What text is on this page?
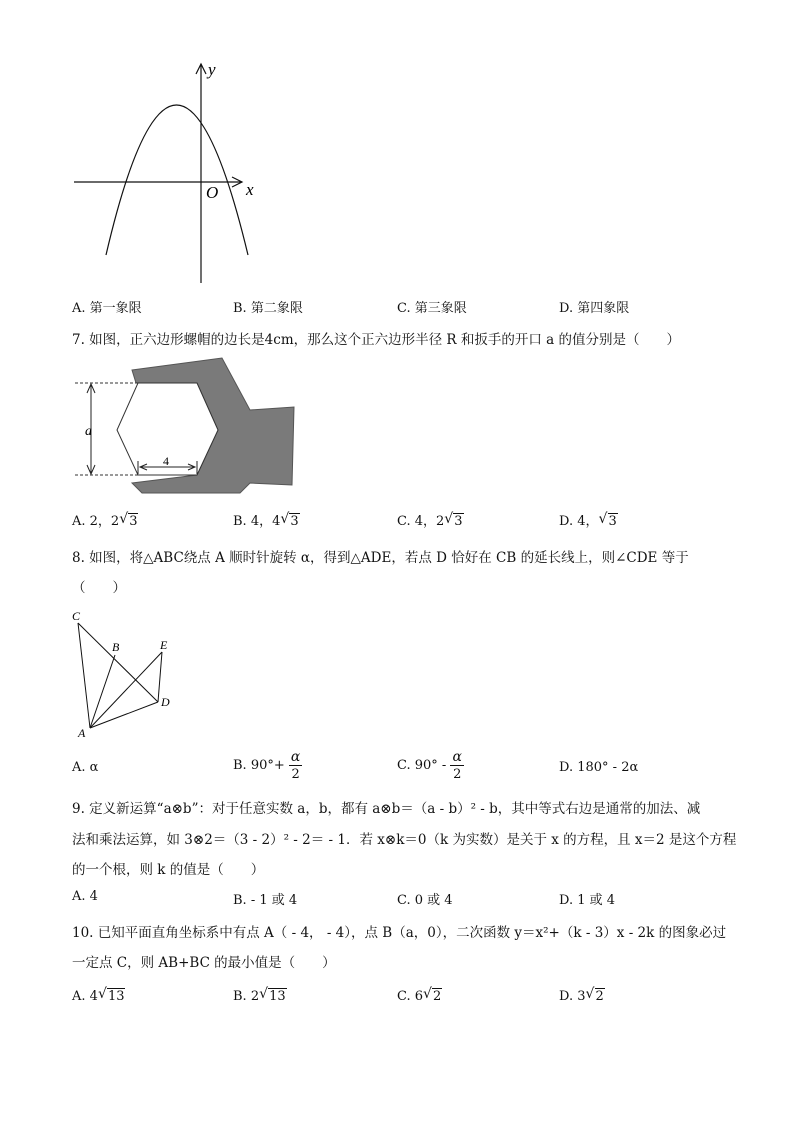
y
x
O
A. 第一象限	B. 第二象限	C. 第三象限	D. 第四象限
7. 如图，正六边形螺帽的边长是4cm，那么这个正六边形半径 R 和扳手的开口 a 的值分别是（　　）
a
4
A. 2，2 √ 3	B. 4，4 √ 3	C. 4，2 √ 3	D. 4， √ 3
8. 如图，将△ABC绕点 A 顺时针旋转 α，得到△ADE，若点 D 恰好在 CB 的延长线上，则∠CDE 等于
（　　）
C
B	E
D
A
A. α	B. $90^\circ+ \frac{\alpha}{2}$	C. $90^\circ - \frac{\alpha}{2}$	D. 180° - 2α
9. 定义新运算“a⊗b”：对于任意实数 a，b，都有 a⊗b＝（a - b）² - b，其中等式右边是通常的加法、减
法和乘法运算，如 3⊗2＝（3 - 2）² - 2＝ - 1．若 x⊗k＝0（k 为实数）是关于 x 的方程，且 x＝2 是这个方程
的一个根，则 k 的值是（　　）
A. 4	B. - 1 或 4	C. 0 或 4	D. 1 或 4
10. 已知平面直角坐标系中有点 A（ - 4， - 4），点 B（a，0），二次函数 y＝x²+（k - 3）x - 2k 的图象必过
一定点 C，则 AB+BC 的最小值是（　　）
A. 4 √ 13	B. 2 √ 13	C. 6 √ 2	D. 3 √ 2
